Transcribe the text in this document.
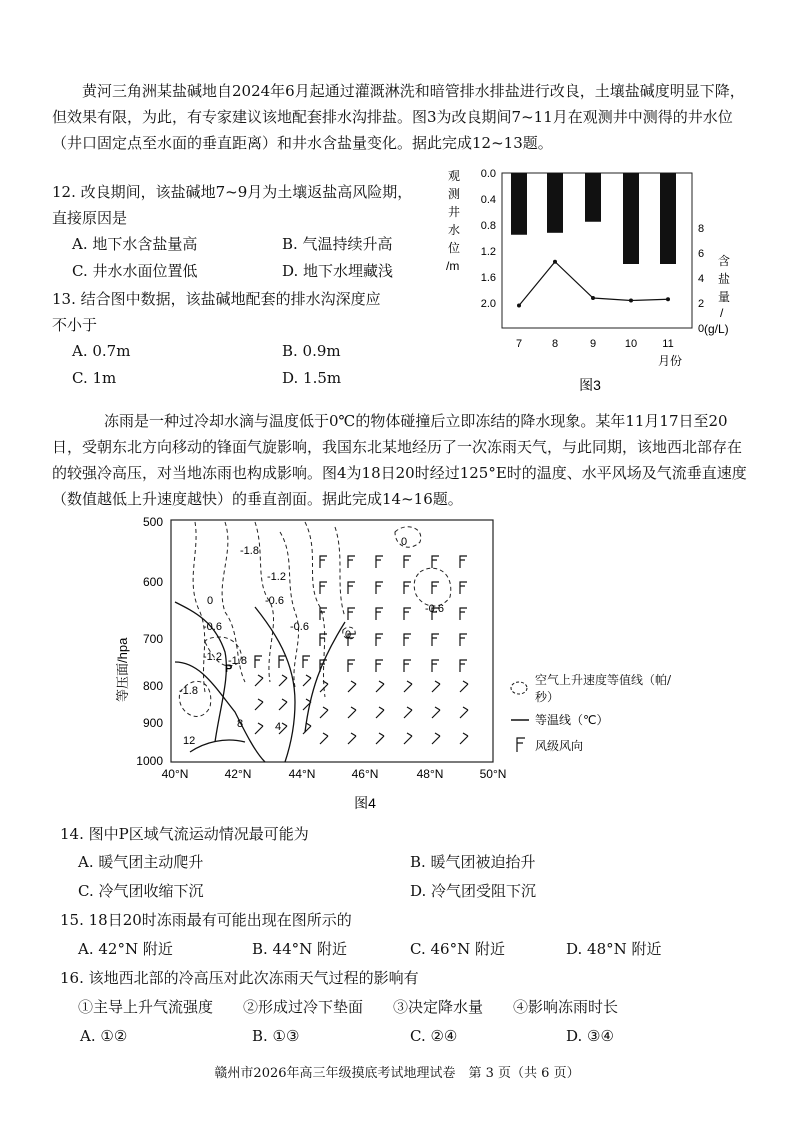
黄河三角洲某盐碱地自2024年6月起通过灌溉淋洗和暗管排水排盐进行改良，土壤盐碱度明显下降，但效果有限，为此，有专家建议该地配套排水沟排盐。图3为改良期间7~11月在观测井中测得的井水位（井口固定点至水面的垂直距离）和井水含盐量变化。据此完成12~13题。
12. 改良期间，该盐碱地7~9月为土壤返盐高风险期，
直接原因是
A. 地下水含盐量高	B. 气温持续升高
C. 井水水面位置低	D. 地下水埋藏浅
13. 结合图中数据，该盐碱地配套的排水沟深度应
不小于
A. 0.7m	B. 0.9m
C. 1m	D. 1.5m
观
测
井
水
位
/m	含
盐
量
/
(g/L)
0.0
0.4
0.8
1.2
1.6
2.0
8
6
4
2
0
7	8	9	10 11
月份
图3
冻雨是一种过冷却水滴与温度低于0℃的物体碰撞后立即冻结的降水现象。某年11月17日至20日，受朝东北方向移动的锋面气旋影响，我国东北某地经历了一次冻雨天气，与此同期，该地西北部存在的较强冷高压，对当地冻雨也构成影响。图4为18日20时经过125°E时的温度、水平风场及气流垂直速度（数值越低上升速度越快）的垂直剖面。据此完成14~16题。
等压面/hpa
500
600
700
800
900
1000
40°N	42°N	44°N	46°N	48°N	50°N
-1.8
-1.2
-0.6
-0.6
-0.6
-1.2 -1.8
-1.8
-0.6
0
0
0
8	4
12
P
空气上升速度等值线（帕/秒）
等温线（℃）
风级风向
图4
14. 图中P区域气流运动情况最可能为
A. 暖气团主动爬升	B. 暖气团被迫抬升
C. 冷气团收缩下沉	D. 冷气团受阻下沉
15. 18日20时冻雨最有可能出现在图所示的
A. 42°N 附近	B. 44°N 附近	C. 46°N 附近	D. 48°N 附近
16. 该地西北部的冷高压对此次冻雨天气过程的影响有
①主导上升气流强度　　②形成过冷下垫面　　③决定降水量　　④影响冻雨时长
A. ①②	B. ①③	C. ②④	D. ③④
赣州市2026年高三年级摸底考试地理试卷　第 3 页（共 6 页）
